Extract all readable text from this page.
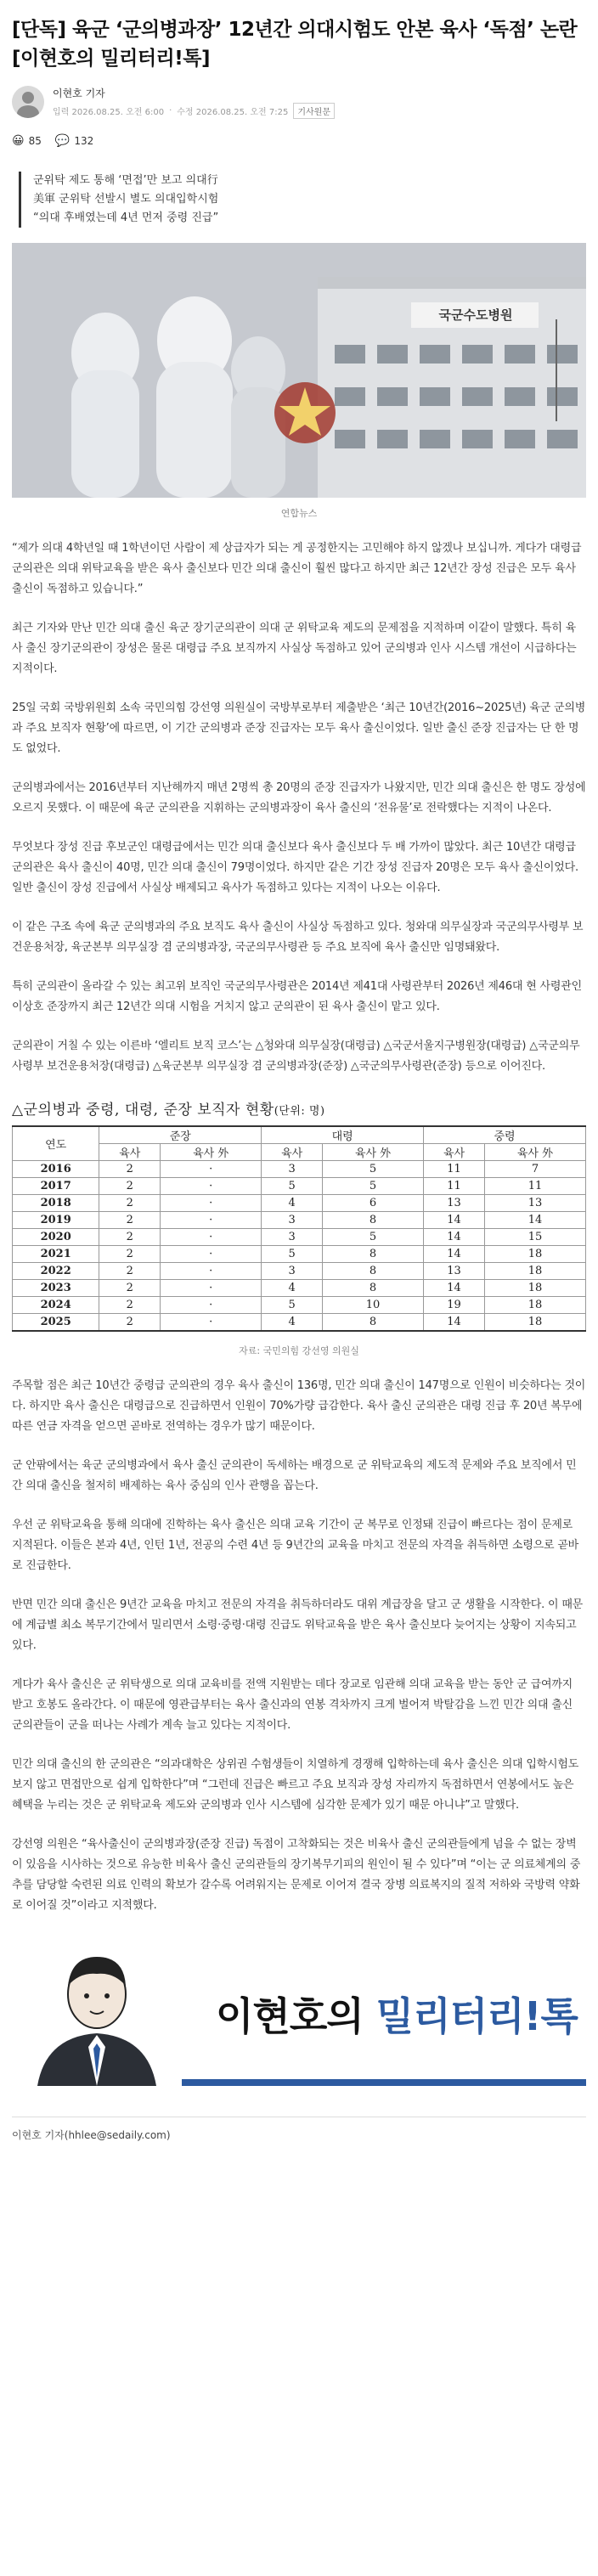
[단독] 육군 ‘군의병과장’ 12년간 의대시험도 안본 육사 ‘독점’ 논란[이현호의 밀리터리!톡]
이현호 기자
입력 2026.08.25. 오전 6:00 · 수정 2026.08.25. 오전 7:25	기사원문
😀 85 💬 132
군위탁 제도 통해 ‘면접’만 보고 의대行
美軍 군위탁 선발시 별도 의대입학시험
“의대 후배였는데 4년 먼저 중령 진급”
국군수도병원
연합뉴스

“제가 의대 4학년일 때 1학년이던 사람이 제 상급자가 되는 게 공정한지는 고민해야 하지 않겠나 보십니까. 게다가 대령급 군의관은 의대 위탁교육을 받은 육사 출신보다 민간 의대 출신이 훨씬 많다고 하지만 최근 12년간 장성 진급은 모두 육사 출신이 독점하고 있습니다.”

최근 기자와 만난 민간 의대 출신 육군 장기군의관이 의대 군 위탁교육 제도의 문제점을 지적하며 이같이 말했다. 특히 육사 출신 장기군의관이 장성은 물론 대령급 주요 보직까지 사실상 독점하고 있어 군의병과 인사 시스템 개선이 시급하다는 지적이다.

25일 국회 국방위원회 소속 국민의힘 강선영 의원실이 국방부로부터 제출받은 ‘최근 10년간(2016~2025년) 육군 군의병과 주요 보직자 현황’에 따르면, 이 기간 군의병과 준장 진급자는 모두 육사 출신이었다. 일반 출신 준장 진급자는 단 한 명도 없었다.

군의병과에서는 2016년부터 지난해까지 매년 2명씩 총 20명의 준장 진급자가 나왔지만, 민간 의대 출신은 한 명도 장성에 오르지 못했다. 이 때문에 육군 군의관을 지휘하는 군의병과장이 육사 출신의 ‘전유물’로 전락했다는 지적이 나온다.

무엇보다 장성 진급 후보군인 대령급에서는 민간 의대 출신보다 육사 출신보다 두 배 가까이 많았다. 최근 10년간 대령급 군의관은 육사 출신이 40명, 민간 의대 출신이 79명이었다. 하지만 같은 기간 장성 진급자 20명은 모두 육사 출신이었다. 일반 출신이 장성 진급에서 사실상 배제되고 육사가 독점하고 있다는 지적이 나오는 이유다.

이 같은 구조 속에 육군 군의병과의 주요 보직도 육사 출신이 사실상 독점하고 있다. 청와대 의무실장과 국군의무사령부 보건운용처장, 육군본부 의무실장 겸 군의병과장, 국군의무사령관 등 주요 보직에 육사 출신만 임명돼왔다.

특히 군의관이 올라갈 수 있는 최고위 보직인 국군의무사령관은 2014년 제41대 사령관부터 2026년 제46대 현 사령관인 이상호 준장까지 최근 12년간 의대 시험을 거치지 않고 군의관이 된 육사 출신이 맡고 있다.

군의관이 거칠 수 있는 이른바 ‘엘리트 보직 코스’는 △청와대 의무실장(대령급) △국군서울지구병원장(대령급) △국군의무사령부 보건운용처장(대령급) △육군본부 의무실장 겸 군의병과장(준장) △국군의무사령관(준장) 등으로 이어진다.

△군의병과 중령, 대령, 준장 보직자 현황(단위: 명)
연도	준장		대령		중령	
	육사	육사 外	육사	육사 外	육사	육사 外
2016	2	·	3	5	11	7
2017	2	·	5	5	11	11
2018	2	·	4	6	13	13
2019	2	·	3	8	14	14
2020	2	·	3	5	14	15
2021	2	·	5	8	14	18
2022	2	·	3	8	13	18
2023	2	·	4	8	14	18
2024	2	·	5	10	19	18
2025	2	·	4	8	14	18
자료: 국민의힘 강선영 의원실

주목할 점은 최근 10년간 중령급 군의관의 경우 육사 출신이 136명, 민간 의대 출신이 147명으로 인원이 비슷하다는 것이다. 하지만 육사 출신은 대령급으로 진급하면서 인원이 70%가량 급감한다. 육사 출신 군의관은 대령 진급 후 20년 복무에 따른 연금 자격을 얻으면 곧바로 전역하는 경우가 많기 때문이다.

군 안팎에서는 육군 군의병과에서 육사 출신 군의관이 독세하는 배경으로 군 위탁교육의 제도적 문제와 주요 보직에서 민간 의대 출신을 철저히 배제하는 육사 중심의 인사 관행을 꼽는다.

우선 군 위탁교육을 통해 의대에 진학하는 육사 출신은 의대 교육 기간이 군 복무로 인정돼 진급이 빠르다는 점이 문제로 지적된다. 이들은 본과 4년, 인턴 1년, 전공의 수련 4년 등 9년간의 교육을 마치고 전문의 자격을 취득하면 소령으로 곧바로 진급한다.

반면 민간 의대 출신은 9년간 교육을 마치고 전문의 자격을 취득하더라도 대위 계급장을 달고 군 생활을 시작한다. 이 때문에 계급별 최소 복무기간에서 밀리면서 소령·중령·대령 진급도 위탁교육을 받은 육사 출신보다 늦어지는 상황이 지속되고 있다.

게다가 육사 출신은 군 위탁생으로 의대 교육비를 전액 지원받는 데다 장교로 임관해 의대 교육을 받는 동안 군 급여까지 받고 호봉도 올라간다. 이 때문에 영관급부터는 육사 출신과의 연봉 격차까지 크게 벌어져 박탈감을 느낀 민간 의대 출신 군의관들이 군을 떠나는 사례가 계속 늘고 있다는 지적이다.

민간 의대 출신의 한 군의관은 “의과대학은 상위권 수험생들이 치열하게 경쟁해 입학하는데 육사 출신은 의대 입학시험도 보지 않고 면접만으로 쉽게 입학한다”며 “그런데 진급은 빠르고 주요 보직과 장성 자리까지 독점하면서 연봉에서도 높은 혜택을 누리는 것은 군 위탁교육 제도와 군의병과 인사 시스템에 심각한 문제가 있기 때문 아니냐”고 말했다.

강선영 의원은 “육사출신이 군의병과장(준장 진급) 독점이 고착화되는 것은 비육사 출신 군의관들에게 넘을 수 없는 장벽이 있음을 시사하는 것으로 유능한 비육사 출신 군의관들의 장기복무기피의 원인이 될 수 있다”며 “이는 군 의료체계의 중추를 담당할 숙련된 의료 인력의 확보가 갈수록 어려워지는 문제로 이어져 결국 장병 의료복지의 질적 저하와 국방력 약화로 이어질 것”이라고 지적했다.

이현호의 밀리터리!톡
이현호 기자(hhlee@sedaily.com)
